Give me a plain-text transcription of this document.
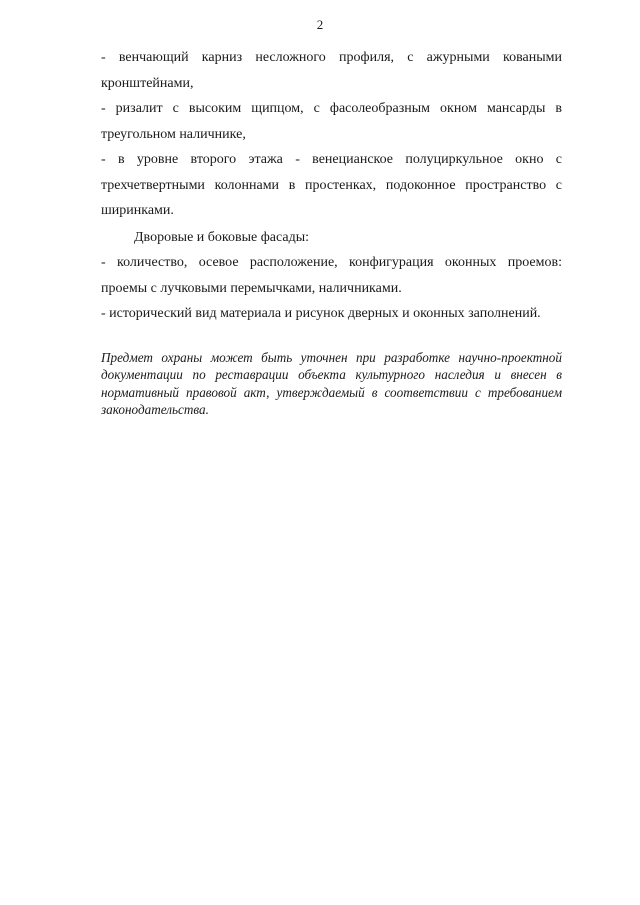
2

- венчающий карниз несложного профиля, с ажурными коваными кронштейнами,

- ризалит с высоким щипцом, с фасолеобразным окном мансарды в треугольном наличнике,

- в уровне второго этажа - венецианское полуциркульное окно с трехчетвертными колоннами в простенках, подоконное пространство с ширинками.

Дворовые и боковые фасады:

- количество, осевое расположение, конфигурация оконных проемов: проемы с лучковыми перемычками, наличниками.

- исторический вид материала и рисунок дверных и оконных заполнений.

Предмет охраны может быть уточнен при разработке научно-проектной документации по реставрации объекта культурного наследия и внесен в нормативный правовой акт, утверждаемый в соответствии с требованием законодательства.
